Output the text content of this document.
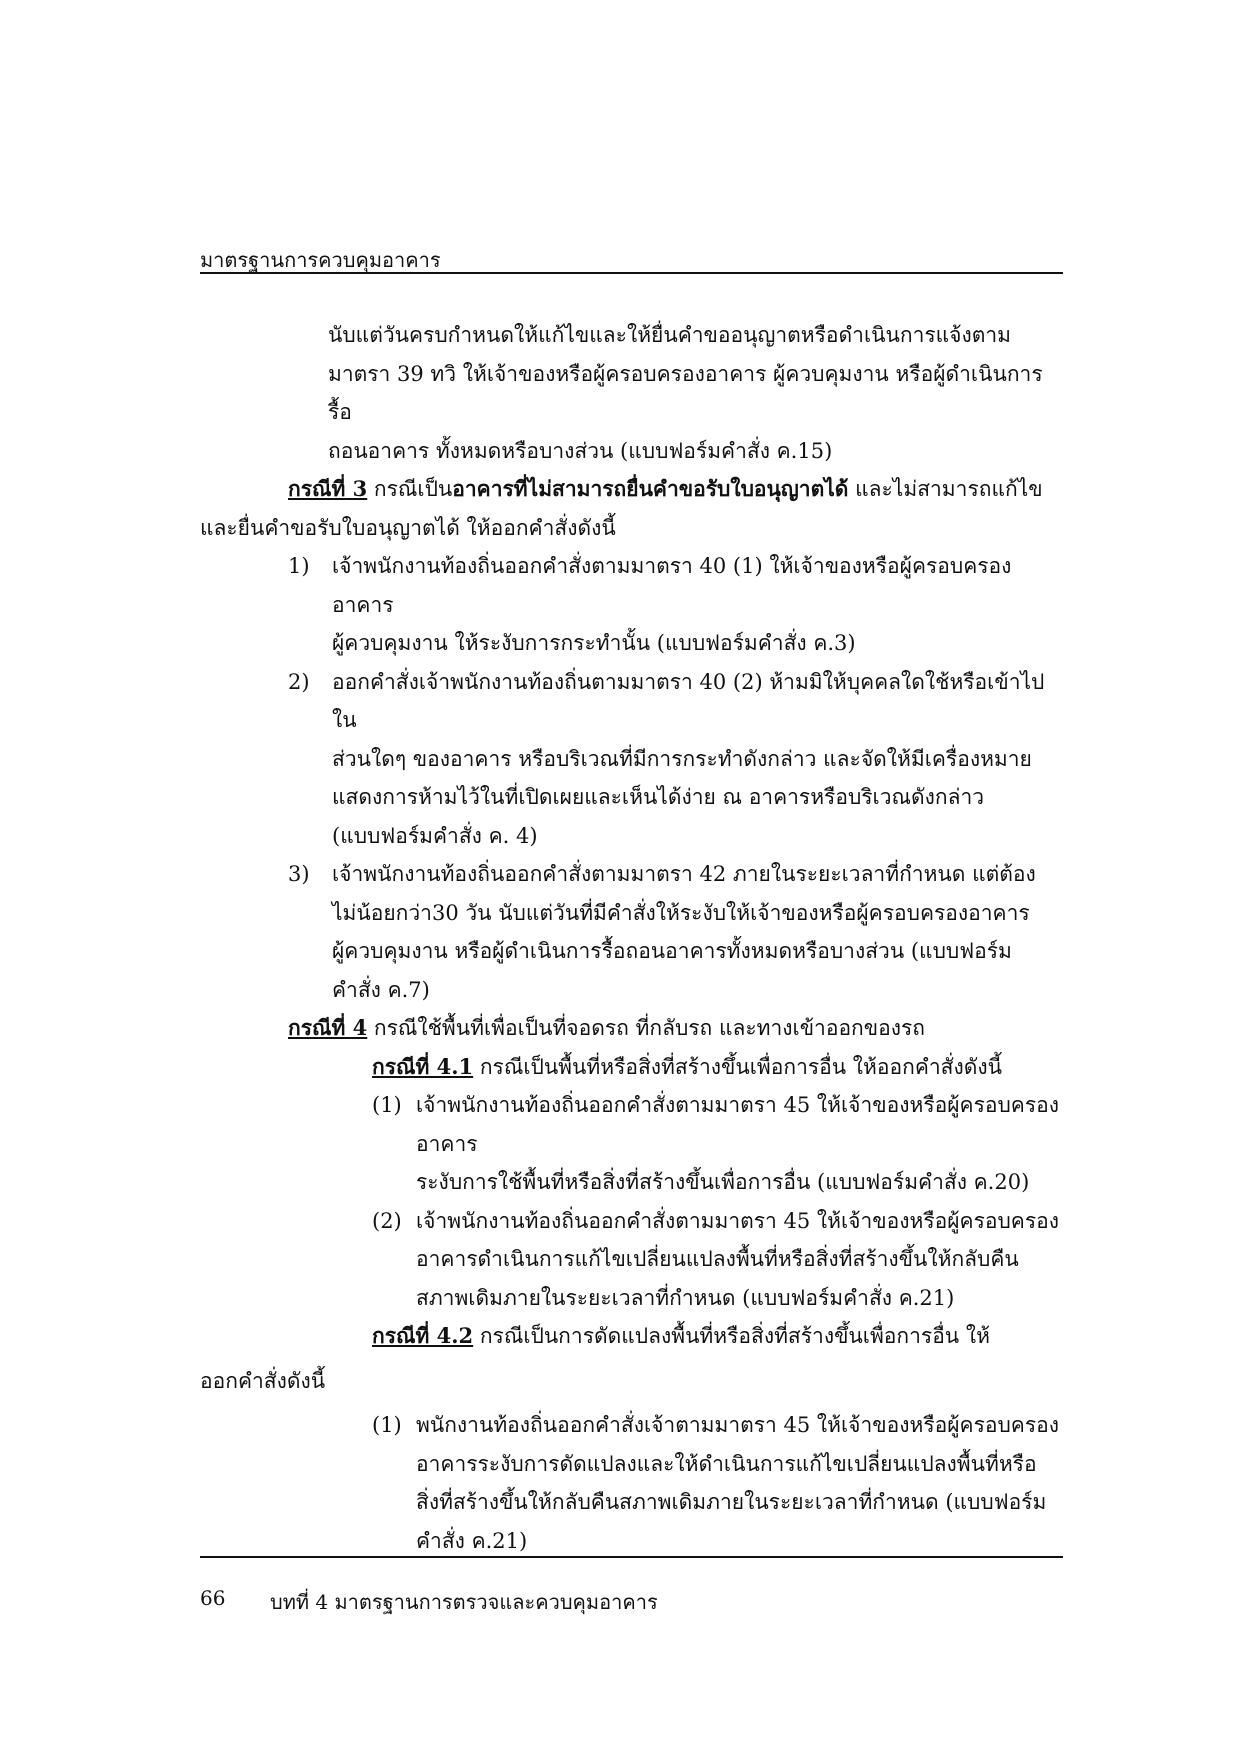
มาตรฐานการควบคุมอาคาร

นับแต่วันครบกำหนดให้แก้ไขและให้ยื่นคำขออนุญาตหรือดำเนินการแจ้งตาม

มาตรา 39 ทวิ ให้เจ้าของหรือผู้ครอบครองอาคาร ผู้ควบคุมงาน หรือผู้ดำเนินการรื้อ

ถอนอาคาร ทั้งหมดหรือบางส่วน (แบบฟอร์มคำสั่ง ค.15)

กรณีที่ 3 กรณีเป็นอาคารที่ไม่สามารถยื่นคำขอรับใบอนุญาตได้ และไม่สามารถแก้ไข

และยื่นคำขอรับใบอนุญาตได้ ให้ออกคำสั่งดังนี้

1)	เจ้าพนักงานท้องถิ่นออกคำสั่งตามมาตรา 40 (1) ให้เจ้าของหรือผู้ครอบครองอาคาร

ผู้ควบคุมงาน ให้ระงับการกระทำนั้น (แบบฟอร์มคำสั่ง ค.3)

2)	ออกคำสั่งเจ้าพนักงานท้องถิ่นตามมาตรา 40 (2) ห้ามมิให้บุคคลใดใช้หรือเข้าไปใน

ส่วนใดๆ ของอาคาร หรือบริเวณที่มีการกระทำดังกล่าว และจัดให้มีเครื่องหมาย

แสดงการห้ามไว้ในที่เปิดเผยและเห็นได้ง่าย ณ อาคารหรือบริเวณดังกล่าว

(แบบฟอร์มคำสั่ง ค. 4)

3)	เจ้าพนักงานท้องถิ่นออกคำสั่งตามมาตรา 42 ภายในระยะเวลาที่กำหนด แต่ต้อง

ไม่น้อยกว่า30 วัน นับแต่วันที่มีคำสั่งให้ระงับให้เจ้าของหรือผู้ครอบครองอาคาร

ผู้ควบคุมงาน หรือผู้ดำเนินการรื้อถอนอาคารทั้งหมดหรือบางส่วน (แบบฟอร์ม

คำสั่ง ค.7)

กรณีที่ 4 กรณีใช้พื้นที่เพื่อเป็นที่จอดรถ ที่กลับรถ และทางเข้าออกของรถ

กรณีที่ 4.1 กรณีเป็นพื้นที่หรือสิ่งที่สร้างขึ้นเพื่อการอื่น ให้ออกคำสั่งดังนี้

(1) เจ้าพนักงานท้องถิ่นออกคำสั่งตามมาตรา 45 ให้เจ้าของหรือผู้ครอบครองอาคาร

ระงับการใช้พื้นที่หรือสิ่งที่สร้างขึ้นเพื่อการอื่น (แบบฟอร์มคำสั่ง ค.20)

(2) เจ้าพนักงานท้องถิ่นออกคำสั่งตามมาตรา 45 ให้เจ้าของหรือผู้ครอบครอง

อาคารดำเนินการแก้ไขเปลี่ยนแปลงพื้นที่หรือสิ่งที่สร้างขึ้นให้กลับคืน

สภาพเดิมภายในระยะเวลาที่กำหนด (แบบฟอร์มคำสั่ง ค.21)

กรณีที่ 4.2 กรณีเป็นการดัดแปลงพื้นที่หรือสิ่งที่สร้างขึ้นเพื่อการอื่น ให้

ออกคำสั่งดังนี้

(1) พนักงานท้องถิ่นออกคำสั่งเจ้าตามมาตรา 45 ให้เจ้าของหรือผู้ครอบครอง

อาคารระงับการดัดแปลงและให้ดำเนินการแก้ไขเปลี่ยนแปลงพื้นที่หรือ

สิ่งที่สร้างขึ้นให้กลับคืนสภาพเดิมภายในระยะเวลาที่กำหนด (แบบฟอร์ม

คำสั่ง ค.21)

66	บทที่ 4 มาตรฐานการตรวจและควบคุมอาคาร
